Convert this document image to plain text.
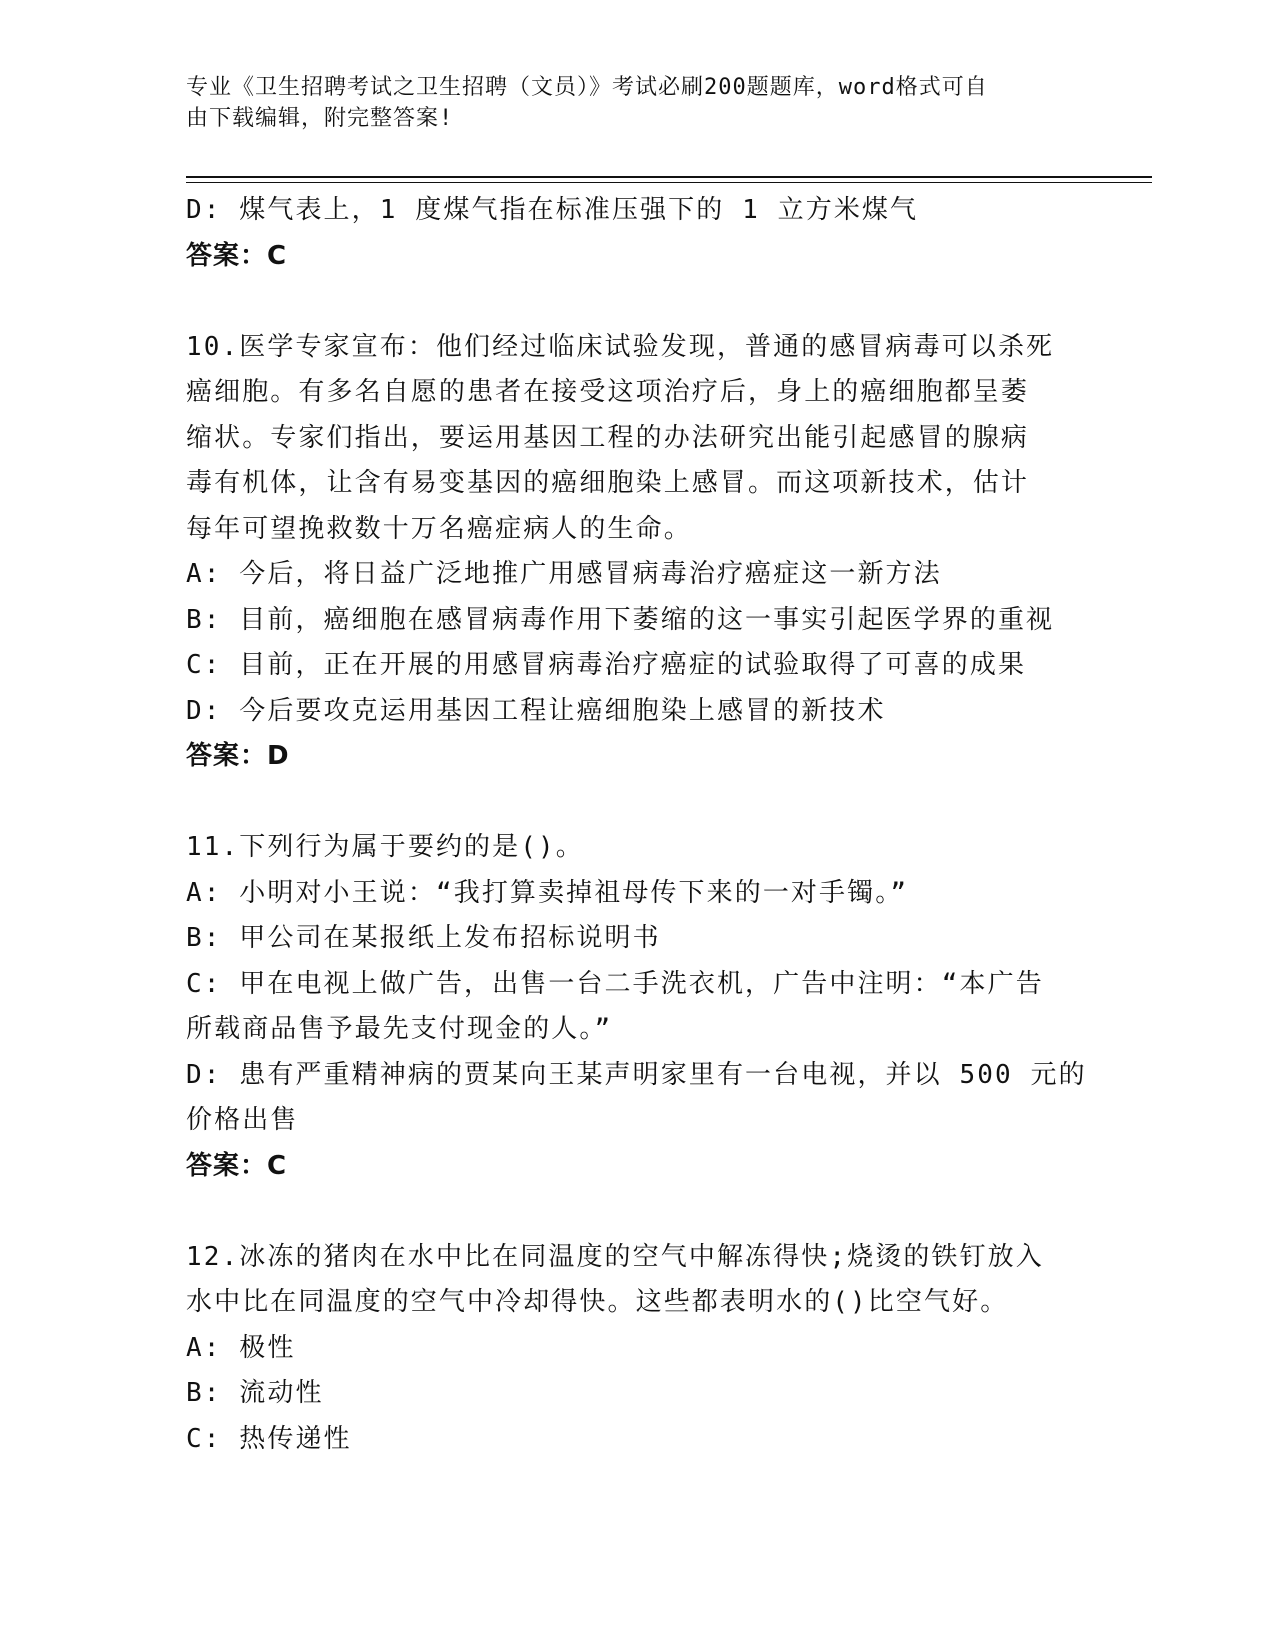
专业《卫生招聘考试之卫生招聘（文员）》考试必刷200题题库，word格式可自
由下载编辑，附完整答案!

D: 煤气表上，1 度煤气指在标准压强下的 1 立方米煤气

答案：C

10.医学专家宣布：他们经过临床试验发现，普通的感冒病毒可以杀死

癌细胞。有多名自愿的患者在接受这项治疗后，身上的癌细胞都呈萎

缩状。专家们指出，要运用基因工程的办法研究出能引起感冒的腺病

毒有机体，让含有易变基因的癌细胞染上感冒。而这项新技术，估计

每年可望挽救数十万名癌症病人的生命。

A: 今后，将日益广泛地推广用感冒病毒治疗癌症这一新方法

B: 目前，癌细胞在感冒病毒作用下萎缩的这一事实引起医学界的重视

C: 目前，正在开展的用感冒病毒治疗癌症的试验取得了可喜的成果

D: 今后要攻克运用基因工程让癌细胞染上感冒的新技术

答案：D

11.下列行为属于要约的是()。

A: 小明对小王说：“我打算卖掉祖母传下来的一对手镯。”

B: 甲公司在某报纸上发布招标说明书

C: 甲在电视上做广告，出售一台二手洗衣机，广告中注明：“本广告

所载商品售予最先支付现金的人。”

D: 患有严重精神病的贾某向王某声明家里有一台电视，并以 500 元的

价格出售

答案：C

12.冰冻的猪肉在水中比在同温度的空气中解冻得快;烧烫的铁钉放入

水中比在同温度的空气中冷却得快。这些都表明水的()比空气好。

A: 极性

B: 流动性

C: 热传递性
